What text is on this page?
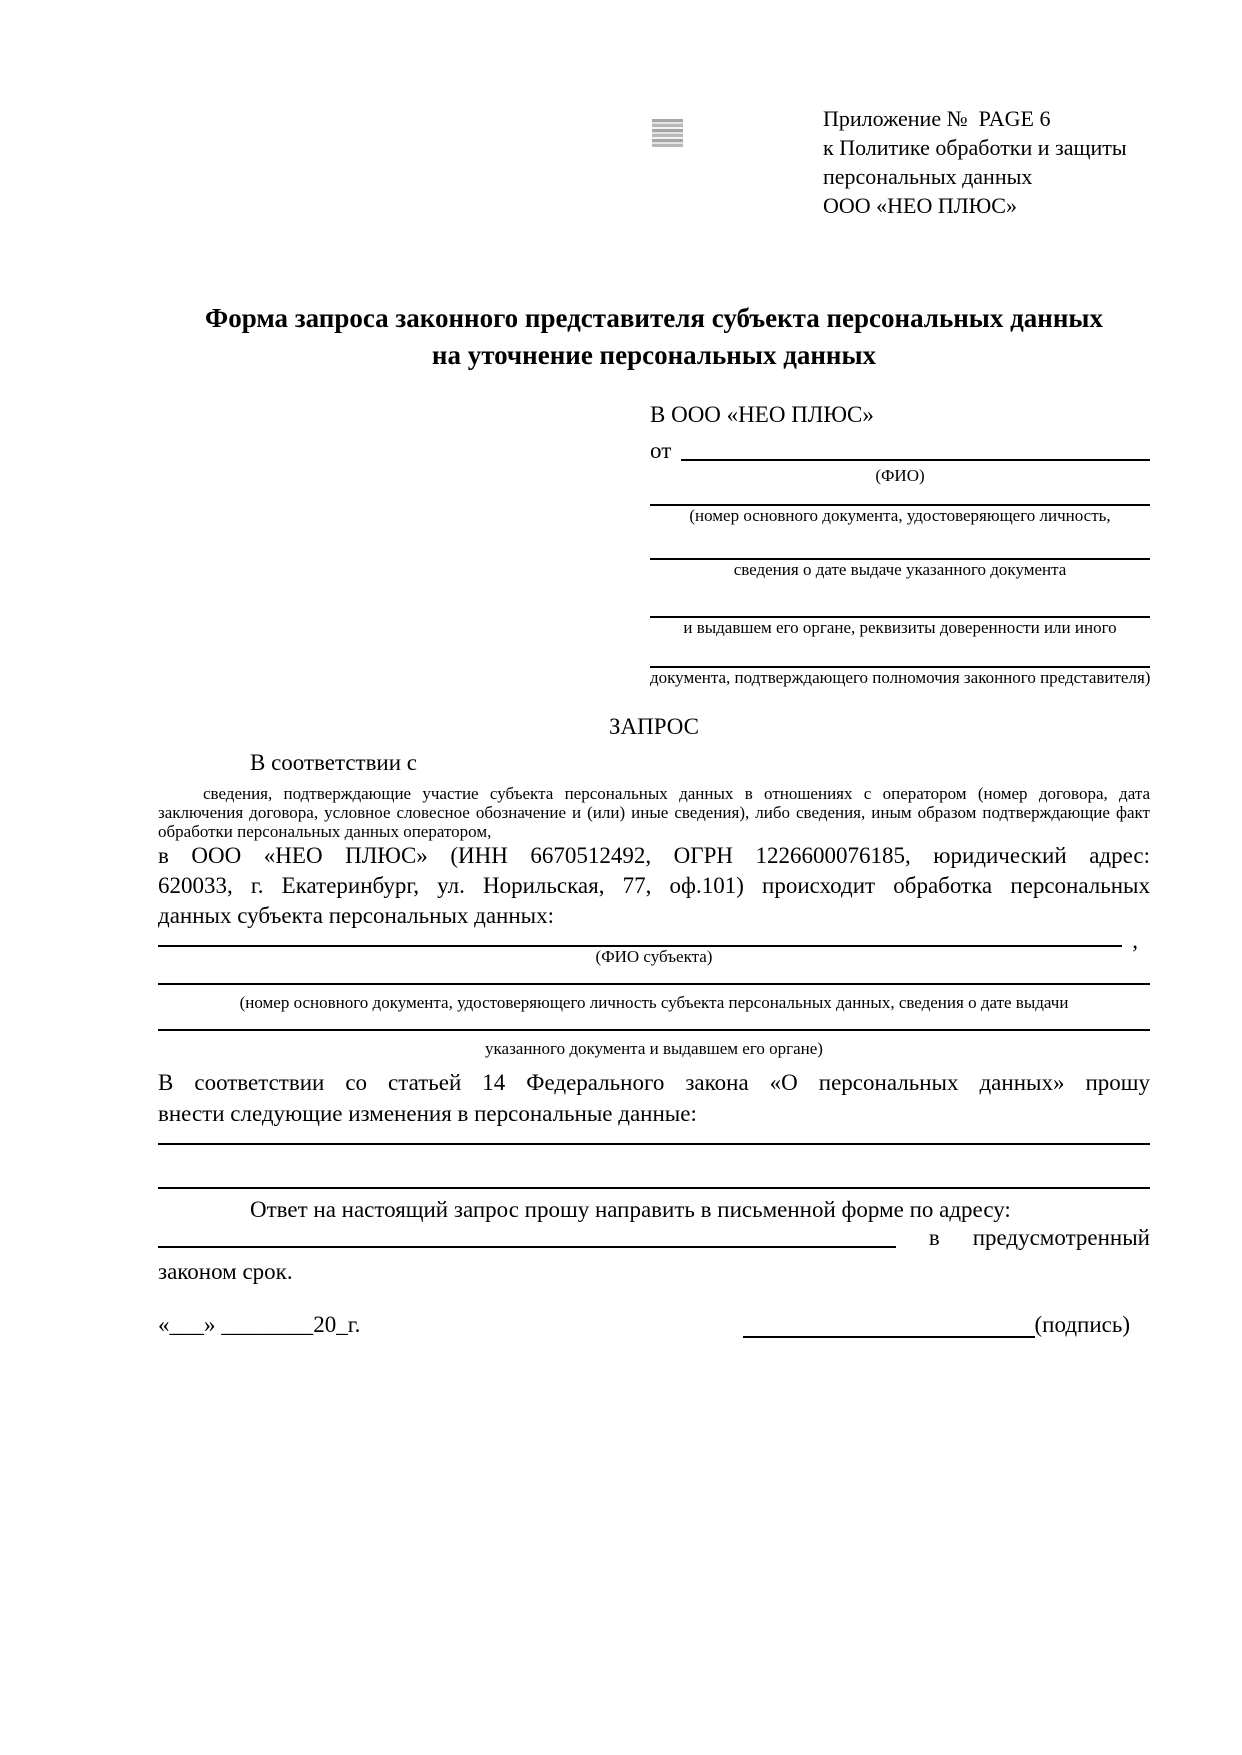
Приложение №  PAGE 6
к Политике обработки и защиты
персональных данных
ООО «НЕО ПЛЮС»
Форма запроса законного представителя субъекта персональных данных
на уточнение персональных данных
В ООО «НЕО ПЛЮС»
от
(ФИО)
(номер основного документа, удостоверяющего личность,
сведения о дате выдаче указанного документа
и выдавшем его органе, реквизиты доверенности или иного
документа, подтверждающего полномочия законного представителя)
ЗАПРОС
В соответствии с
сведения, подтверждающие участие субъекта персональных данных в отношениях с оператором (номер договора, дата
заключения договора, условное словесное обозначение и (или) иные сведения), либо сведения, иным образом подтверждающие факт
обработки персональных данных оператором,
в ООО «НЕО ПЛЮС» (ИНН 6670512492, ОГРН 1226600076185, юридический адрес:
620033, г. Екатеринбург, ул. Норильская, 77, оф.101) происходит обработка персональных
данных субъекта персональных данных:
,
(ФИО субъекта)
(номер основного документа, удостоверяющего личность субъекта персональных данных, сведения о дате выдачи
указанного документа и выдавшем его органе)
В соответствии со статьей 14 Федерального закона «О персональных данных» прошу
внести следующие изменения в персональные данные:
Ответ на настоящий запрос прошу направить в письменной форме по адресу:
в предусмотренный
законом срок.
«___» ________20_г.	(подпись)
